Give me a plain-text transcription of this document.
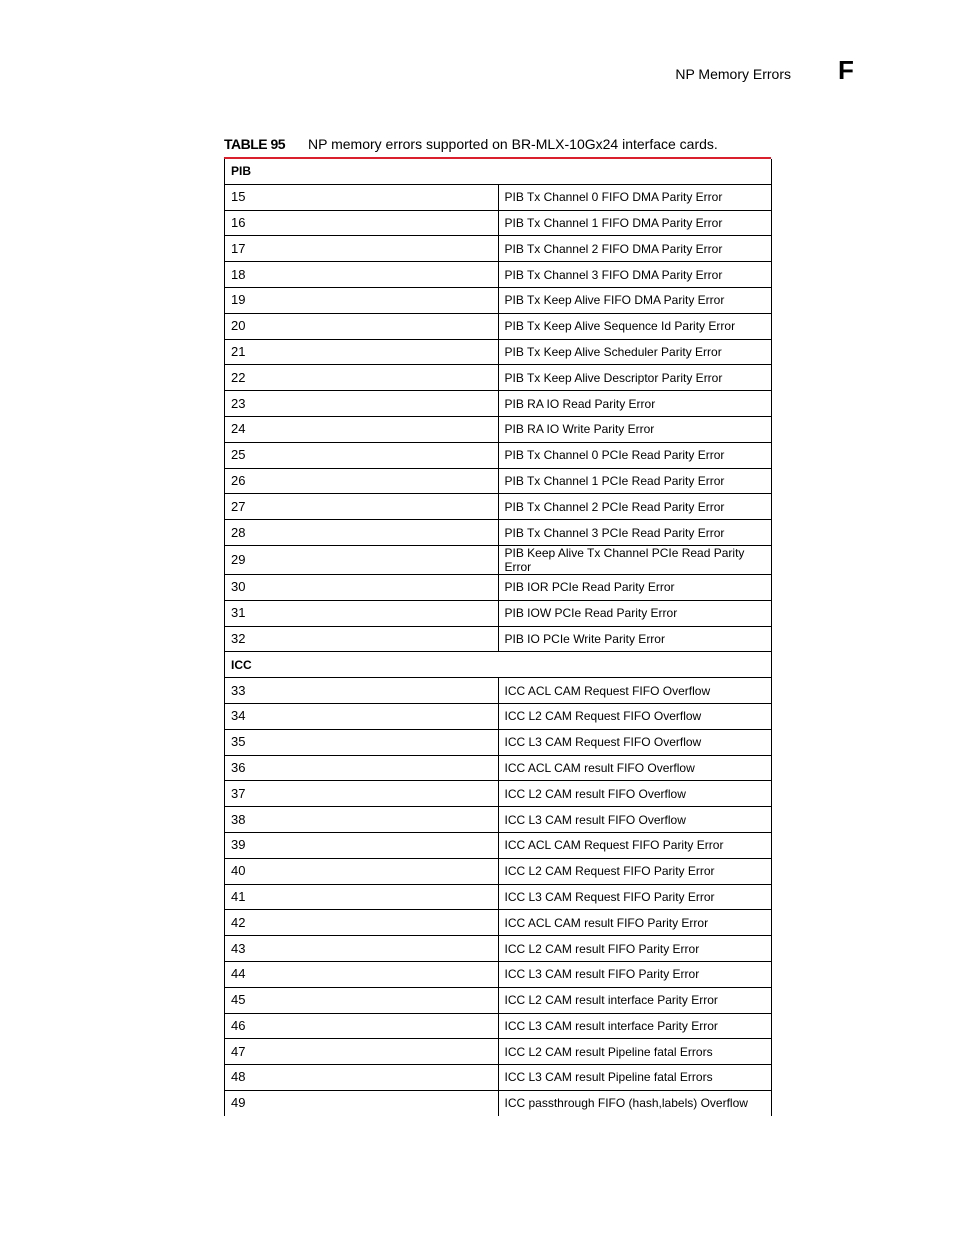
NP Memory Errors F
TABLE 95 NP memory errors supported on BR-MLX-10Gx24 interface cards.
PIB	
15	PIB Tx Channel 0 FIFO DMA Parity Error
16	PIB Tx Channel 1 FIFO DMA Parity Error
17	PIB Tx Channel 2 FIFO DMA Parity Error
18	PIB Tx Channel 3 FIFO DMA Parity Error
19	PIB Tx Keep Alive FIFO DMA Parity Error
20	PIB Tx Keep Alive Sequence Id Parity Error
21	PIB Tx Keep Alive Scheduler Parity Error
22	PIB Tx Keep Alive Descriptor Parity Error
23	PIB RA IO Read Parity Error
24	PIB RA IO Write Parity Error
25	PIB Tx Channel 0 PCIe Read Parity Error
26	PIB Tx Channel 1 PCIe Read Parity Error
27	PIB Tx Channel 2 PCIe Read Parity Error
28	PIB Tx Channel 3 PCIe Read Parity Error
29	PIB Keep Alive Tx Channel PCIe Read Parity Error
30	PIB IOR PCIe Read Parity Error
31	PIB IOW PCIe Read Parity Error
32	PIB IO PCIe Write Parity Error
ICC	
33	ICC ACL CAM Request FIFO Overflow
34	ICC L2 CAM Request FIFO Overflow
35	ICC L3 CAM Request FIFO Overflow
36	ICC ACL CAM result FIFO Overflow
37	ICC L2 CAM result FIFO Overflow
38	ICC L3 CAM result FIFO Overflow
39	ICC ACL CAM Request FIFO Parity Error
40	ICC L2 CAM Request FIFO Parity Error
41	ICC L3 CAM Request FIFO Parity Error
42	ICC ACL CAM result FIFO Parity Error
43	ICC L2 CAM result FIFO Parity Error
44	ICC L3 CAM result FIFO Parity Error
45	ICC L2 CAM result interface Parity Error
46	ICC L3 CAM result interface Parity Error
47	ICC L2 CAM result Pipeline fatal Errors
48	ICC L3 CAM result Pipeline fatal Errors
49	ICC passthrough FIFO (hash,labels) Overflow
